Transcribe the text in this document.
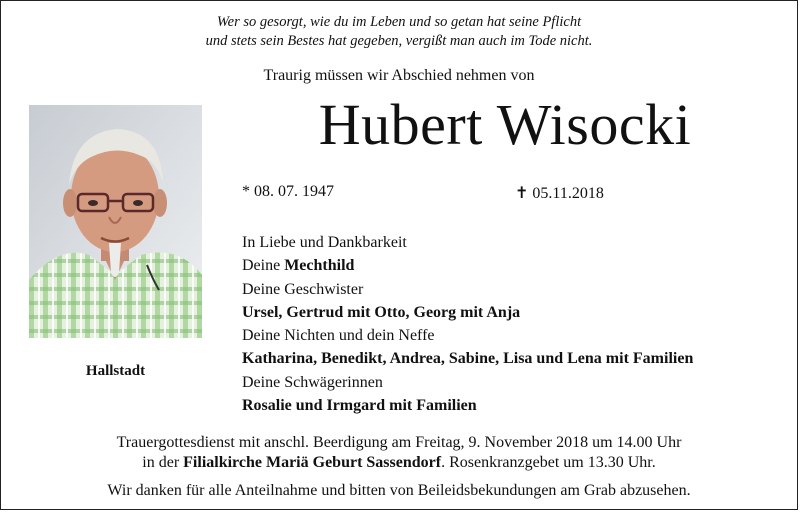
Wer so gesorgt, wie du im Leben und so getan hat seine Pflicht
und stets sein Bestes hat gegeben, vergißt man auch im Tode nicht.
Traurig müssen wir Abschied nehmen von
Hubert Wisocki
Hallstadt
* 08. 07. 1947	✝ 05.11.2018
In Liebe und Dankbarkeit
Deine Mechthild
Deine Geschwister
Ursel, Gertrud mit Otto, Georg mit Anja
Deine Nichten und dein Neffe
Katharina, Benedikt, Andrea, Sabine, Lisa und Lena mit Familien
Deine Schwägerinnen
Rosalie und Irmgard mit Familien
Trauergottesdienst mit anschl. Beerdigung am Freitag, 9. November 2018 um 14.00 Uhr
in der Filialkirche Mariä Geburt Sassendorf. Rosenkranzgebet um 13.30 Uhr.
Wir danken für alle Anteilnahme und bitten von Beileidsbekundungen am Grab abzusehen.
